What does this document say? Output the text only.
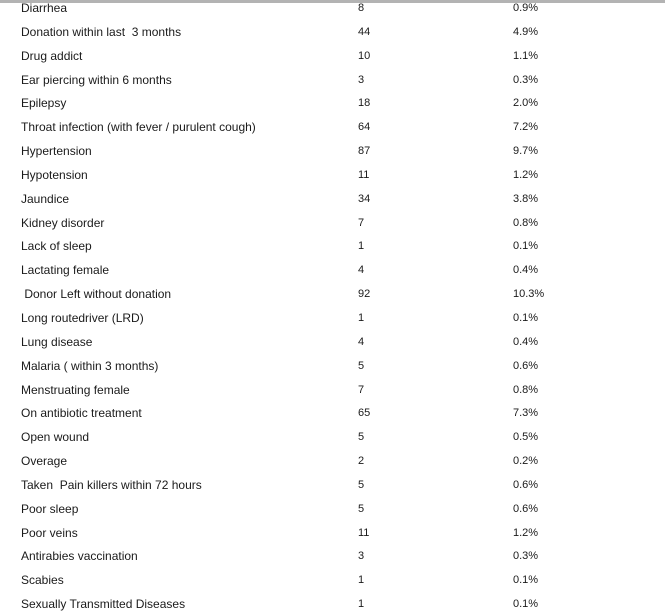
Diarrhea	8	0.9%
Donation within last  3 months	44	4.9%
Drug addict	10	1.1%
Ear piercing within 6 months	3	0.3%
Epilepsy	18	2.0%
Throat infection (with fever / purulent cough)	64	7.2%
Hypertension	87	9.7%
Hypotension	11	1.2%
Jaundice	34	3.8%
Kidney disorder	7	0.8%
Lack of sleep	1	0.1%
Lactating female	4	0.4%
Donor Left without donation	92	10.3%
Long routedriver (LRD)	1	0.1%
Lung disease	4	0.4%
Malaria ( within 3 months)	5	0.6%
Menstruating female	7	0.8%
On antibiotic treatment	65	7.3%
Open wound	5	0.5%
Overage	2	0.2%
Taken  Pain killers within 72 hours	5	0.6%
Poor sleep	5	0.6%
Poor veins	11	1.2%
Antirabies vaccination	3	0.3%
Scabies	1	0.1%
Sexually Transmitted Diseases	1	0.1%
